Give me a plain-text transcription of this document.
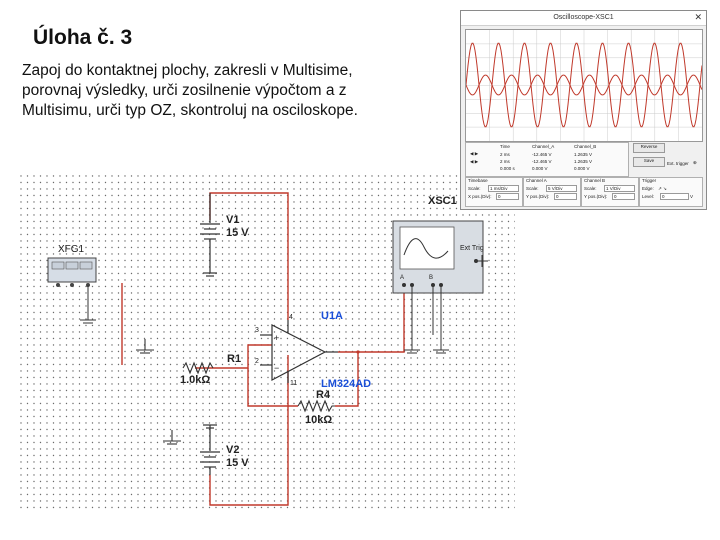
Úloha č. 3
Zapoj do kontaktnej plochy, zakresli v Multisime,
porovnaj výsledky, urči zosilnenie výpočtom a z
Multisimu, urči typ OZ, skontroluj na osciloskope.
V1
15 V
XFG1
R1
1.0kΩ
+
−
3
2
4
11
U1A
LM324AD
R4
10kΩ
V2
15 V
XSC1
Ext Trig
A	B
Oscilloscope-XSC1	✕
Time	Channel_A	Channel_B
2 ms	-12.465 V	1.2635 V
2 ms	-12.465 V	1.2635 V
0.000 s	0.000 V	0.000 V
◀ ▶
◀ ▶
Reverse
Save
Ext. trigger ⊕
Timebase
Scale:	1 ms/Div
X pos.(Div):	0
Channel A
Scale:	5 V/Div
Y pos.(Div):	0
Channel B
Scale:	1 V/Div
Y pos.(Div):	0
Trigger
Edge: ↗ ↘
Level:	0	V
